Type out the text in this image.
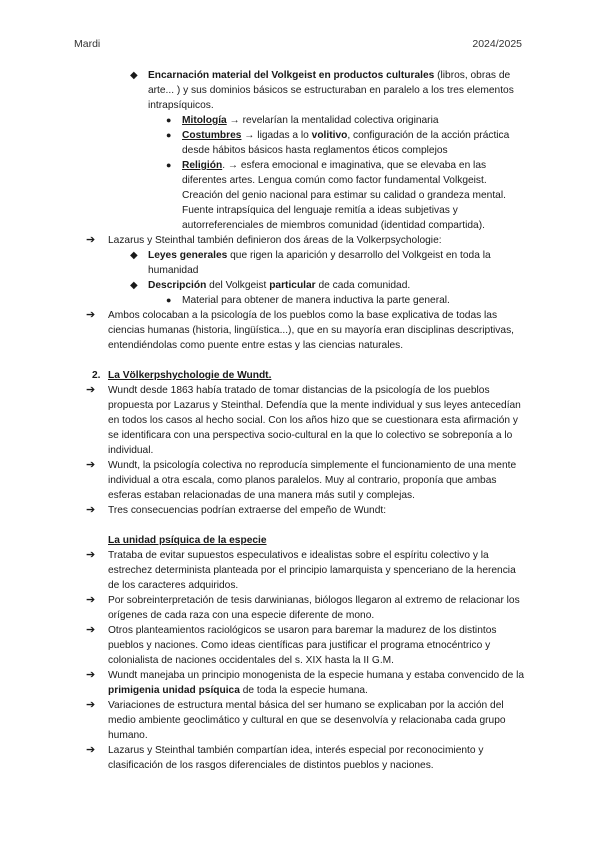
Mardi	2024/2025
◆ Encarnación material del Volkgeist en productos culturales (libros, obras de arte... ) y sus dominios básicos se estructuraban en paralelo a los tres elementos intrapsíquicos.
● Mitología → revelarían la mentalidad colectiva originaria
● Costumbres → ligadas a lo volitivo, configuración de la acción práctica desde hábitos básicos hasta reglamentos éticos complejos
● Religión. → esfera emocional e imaginativa, que se elevaba en las diferentes artes. Lengua común como factor fundamental Volkgeist. Creación del genio nacional para estimar su calidad o grandeza mental. Fuente intrapsíquica del lenguaje remitía a ideas subjetivas y autorreferenciales de miembros comunidad (identidad compartida).
➔ Lazarus y Steinthal también definieron dos áreas de la Volkerpsychologie:
◆ Leyes generales que rigen la aparición y desarrollo del Volkgeist en toda la humanidad
◆ Descripción del Volkgeist particular de cada comunidad.
● Material para obtener de manera inductiva la parte general.
➔ Ambos colocaban a la psicología de los pueblos como la base explicativa de todas las ciencias humanas (historia, lingüística...), que en su mayoría eran disciplinas descriptivas, entendiéndolas como puente entre estas y las ciencias naturales.
2. La Völkerpshychologie de Wundt.
➔ Wundt desde 1863 había tratado de tomar distancias de la psicología de los pueblos propuesta por Lazarus y Steinthal. Defendía que la mente individual y sus leyes antecedían en todos los casos al hecho social. Con los años hizo que se cuestionara esta afirmación y se identificara con una perspectiva socio-cultural en la que lo colectivo se sobreponía a lo individual.
➔ Wundt, la psicología colectiva no reproducía simplemente el funcionamiento de una mente individual a otra escala, como planos paralelos. Muy al contrario, proponía que ambas esferas estaban relacionadas de una manera más sutil y complejas.
➔ Tres consecuencias podrían extraerse del empeño de Wundt:
La unidad psíquica de la especie
➔ Trataba de evitar supuestos especulativos e idealistas sobre el espíritu colectivo y la estrechez determinista planteada por el principio lamarquista y spenceriano de la herencia de los caracteres adquiridos.
➔ Por sobreinterpretación de tesis darwinianas, biólogos llegaron al extremo de relacionar los orígenes de cada raza con una especie diferente de mono.
➔ Otros planteamientos raciológicos se usaron para baremar la madurez de los distintos pueblos y naciones. Como ideas científicas para justificar el programa etnocéntrico y colonialista de naciones occidentales del s. XIX hasta la II G.M.
➔ Wundt manejaba un principio monogenista de la especie humana y estaba convencido de la primigenia unidad psíquica de toda la especie humana.
➔ Variaciones de estructura mental básica del ser humano se explicaban por la acción del medio ambiente geoclimático y cultural en que se desenvolvía y relacionaba cada grupo humano.
➔ Lazarus y Steinthal también compartían idea, interés especial por reconocimiento y clasificación de los rasgos diferenciales de distintos pueblos y naciones.
